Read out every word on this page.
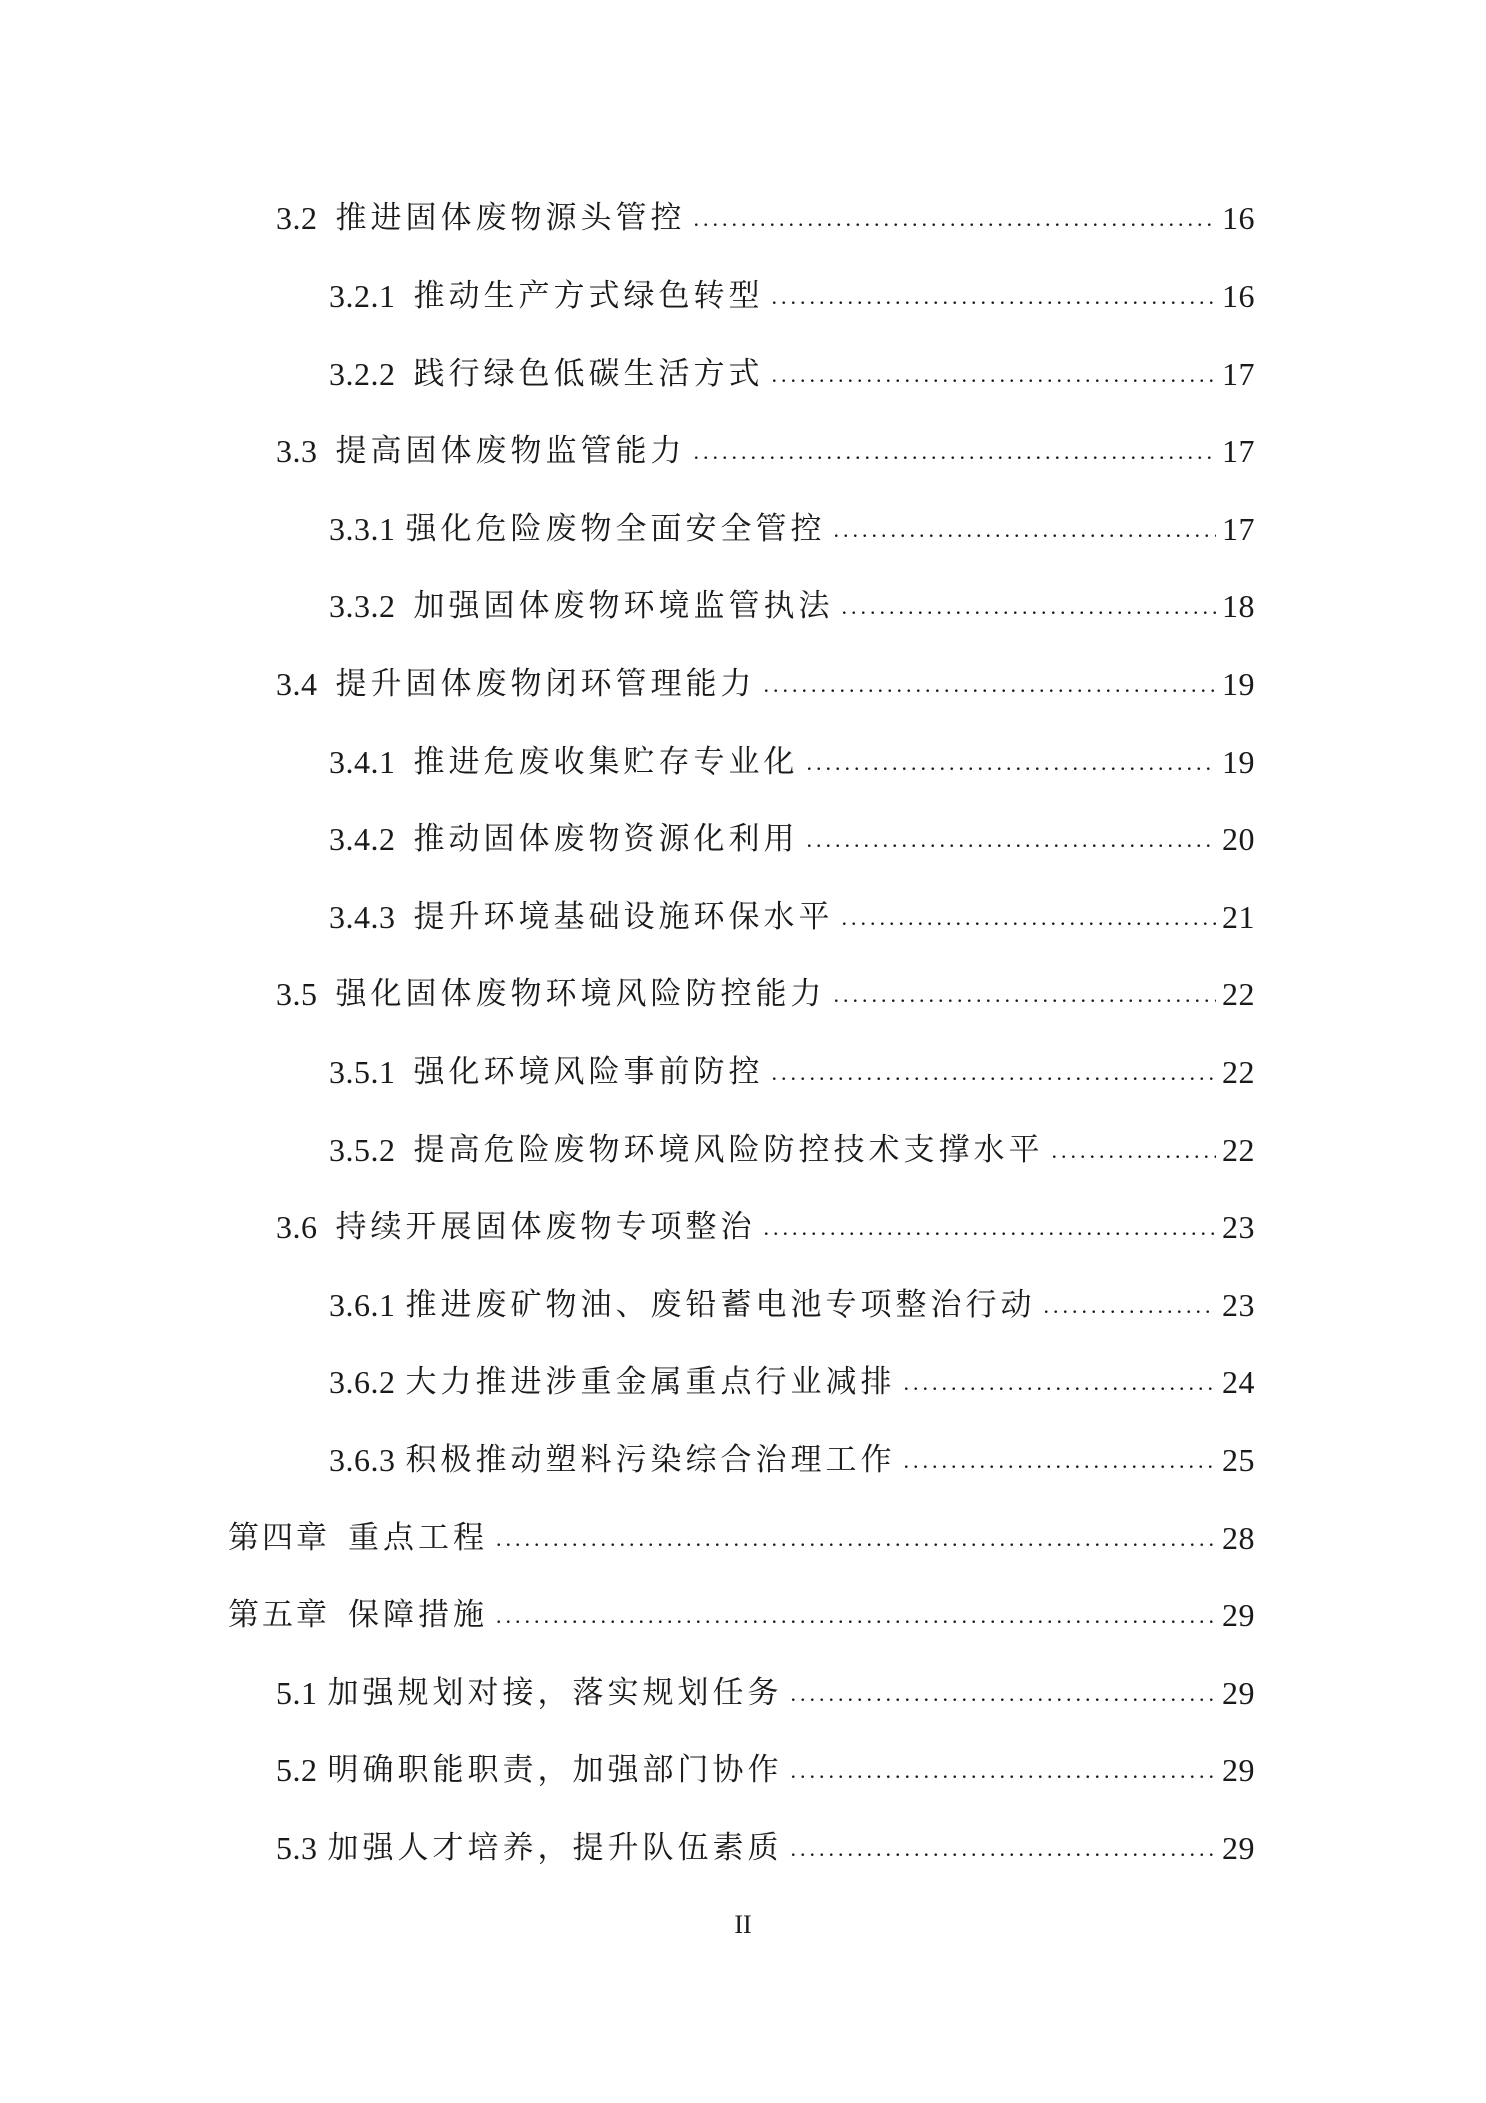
3.2 推进固体废物源头管控 .....	16
3.2.1 推动生产方式绿色转型 .....	16
3.2.2 践行绿色低碳生活方式 .....	17
3.3 提高固体废物监管能力 .....	17
3.3.1 强化危险废物全面安全管控 .....	17
3.3.2 加强固体废物环境监管执法 .....	18
3.4 提升固体废物闭环管理能力 .....	19
3.4.1 推进危废收集贮存专业化 .....	19
3.4.2 推动固体废物资源化利用 .....	20
3.4.3 提升环境基础设施环保水平 .....	21
3.5 强化固体废物环境风险防控能力 .....	22
3.5.1 强化环境风险事前防控 .....	22
3.5.2 提高危险废物环境风险防控技术支撑水平 .....	22
3.6 持续开展固体废物专项整治 .....	23
3.6.1 推进废矿物油、废铅蓄电池专项整治行动 .....	23
3.6.2 大力推进涉重金属重点行业减排 .....	24
3.6.3 积极推动塑料污染综合治理工作 .....	25
第四章 重点工程 .....	28
第五章 保障措施 .....	29
5.1 加强规划对接，落实规划任务 .....	29
5.2 明确职能职责，加强部门协作 .....	29
5.3 加强人才培养，提升队伍素质 .....	29
II
